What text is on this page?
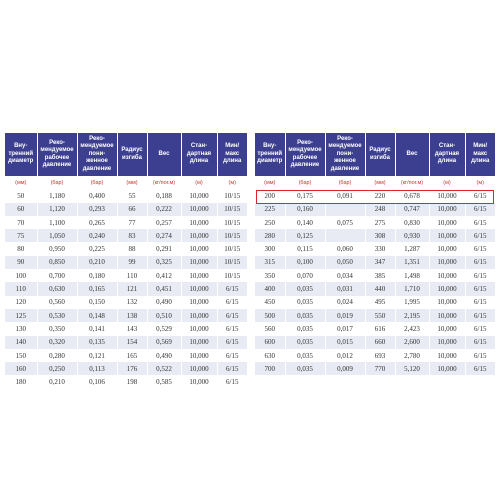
Вну-
тренний
диаметр	Реко-
мендуемое
рабочее
давление	Реко-
мендуемое
пони-
женное
давление	Радиус
изгиба	Вес	Стан-
дартная
длина	Мин/
макс
длина
(мм)	(бар)	(бар)	(мм)	(кг/пог.м)	(м)	(м)
50	1,180	0,400	55	0,188	10,000	10/15
60	1,120	0,293	66	0,222	10,000	10/15
70	1,100	0,265	77	0,257	10,000	10/15
75	1,050	0,240	83	0,274	10,000	10/15
80	0,950	0,225	88	0,291	10,000	10/15
90	0,850	0,210	99	0,325	10,000	10/15
100	0,700	0,180	110	0,412	10,000	10/15
110	0,630	0,165	121	0,451	10,000	6/15
120	0,560	0,150	132	0,490	10,000	6/15
125	0,530	0,148	138	0,510	10,000	6/15
130	0,350	0,141	143	0,529	10,000	6/15
140	0,320	0,135	154	0,569	10,000	6/15
150	0,280	0,121	165	0,490	10,000	6/15
160	0,250	0,113	176	0,522	10,000	6/15
180	0,210	0,106	198	0,585	10,000	6/15
Вну-
тренний
диаметр	Реко-
мендуемое
рабочее
давление	Реко-
мендуемое
пони-
женное
давление	Радиус
изгиба	Вес	Стан-
дартная
длина	Мин/
макс
длина
(мм)	(бар)	(бар)	(мм)	(кг/пог.м)	(м)	(м)
200	0,175	0,091	220	0,678	10,000	6/15
225	0,160		248	0,747	10,000	6/15
250	0,140	0,075	275	0,830	10,000	6/15
280	0,125		308	0,930	10,000	6/15
300	0,115	0,060	330	1,287	10,000	6/15
315	0,100	0,050	347	1,351	10,000	6/15
350	0,070	0,034	385	1,498	10,000	6/15
400	0,035	0,031	440	1,710	10,000	6/15
450	0,035	0,024	495	1,995	10,000	6/15
500	0,035	0,019	550	2,195	10,000	6/15
560	0,035	0,017	616	2,423	10,000	6/15
600	0,035	0,015	660	2,600	10,000	6/15
630	0,035	0,012	693	2,780	10,000	6/15
700	0,035	0,009	770	5,120	10,000	6/15
